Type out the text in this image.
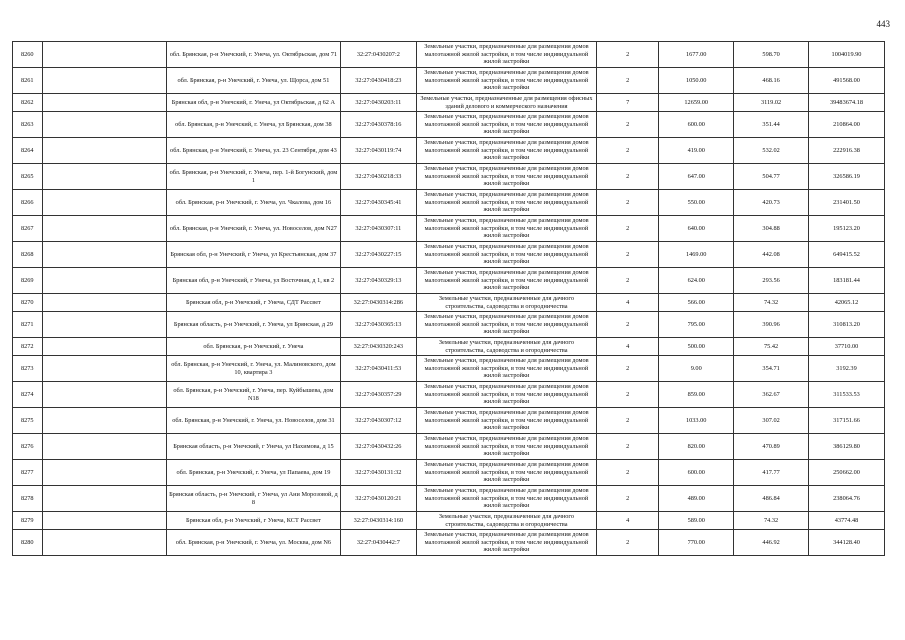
443
8260		обл. Брянская, р-н Унечский, г. Унеча, ул. Октябрьская, дом 71	32:27:0430207:2	Земельные участки, предназначенные для размещения домов малоэтажной жилой застройки, в том числе индивидуальной жилой застройки	2	1677.00	598.70	1004019.90
8261		обл. Брянская, р-н Унечский, г. Унеча, ул. Щорса, дом 51	32:27:0430418:23	Земельные участки, предназначенные для размещения домов малоэтажной жилой застройки, в том числе индивидуальной жилой застройки	2	1050.00	468.16	491568.00
8262		Брянская обл, р-н Унечский, г. Унеча, ул Октябрьская, д 62 А	32:27:0430203:11	Земельные участки, предназначенные для размещения офисных зданий делового и коммерческого назначения	7	12659.00	3119.02	39483674.18
8263		обл. Брянская, р-н Унечский, г. Унеча, ул Брянская, дом 38	32:27:0430378:16	Земельные участки, предназначенные для размещения домов малоэтажной жилой застройки, в том числе индивидуальной жилой застройки	2	600.00	351.44	210864.00
8264		обл. Брянская, р-н Унечский, г. Унеча, ул. 23 Сентября, дом 43	32:27:0430119:74	Земельные участки, предназначенные для размещения домов малоэтажной жилой застройки, в том числе индивидуальной жилой застройки	2	419.00	532.02	222916.38
8265		обл. Брянская, р-н Унечский, г. Унеча, пер. 1-й Богунский, дом 1	32:27:0430218:33	Земельные участки, предназначенные для размещения домов малоэтажной жилой застройки, в том числе индивидуальной жилой застройки	2	647.00	504.77	326586.19
8266		обл. Брянская, р-н Унечский, г. Унеча, ул. Чкалова, дом 16	32:27:0430345:41	Земельные участки, предназначенные для размещения домов малоэтажной жилой застройки, в том числе индивидуальной жилой застройки	2	550.00	420.73	231401.50
8267		обл. Брянская, р-н Унечский, г. Унеча, ул. Новоселов, дом N27	32:27:0430307:11	Земельные участки, предназначенные для размещения домов малоэтажной жилой застройки, в том числе индивидуальной жилой застройки	2	640.00	304.88	195123.20
8268		Брянская обл, р-н Унечский, г Унеча, ул Крестьянская, дом 37	32:27:0430227:15	Земельные участки, предназначенные для размещения домов малоэтажной жилой застройки, в том числе индивидуальной жилой застройки	2	1469.00	442.08	649415.52
8269		Брянская обл, р-н Унечский, г Унеча, ул Восточная, д 1, кв 2	32:27:0430329:13	Земельные участки, предназначенные для размещения домов малоэтажной жилой застройки, в том числе индивидуальной жилой застройки	2	624.00	293.56	183181.44
8270		Брянская обл, р-н Унечский, г Унеча, СДТ Рассвет	32:27:0430314:286	Земельные участки, предназначенные для дачного строительства, садоводства и огородничества	4	566.00	74.32	42065.12
8271		Брянская область, р-н Унечский, г. Унеча, ул Брянская, д 29	32:27:0430365:13	Земельные участки, предназначенные для размещения домов малоэтажной жилой застройки, в том числе индивидуальной жилой застройки	2	795.00	390.96	310813.20
8272		обл. Брянская, р-н Унечский, г. Унеча	32:27:0430320:243	Земельные участки, предназначенные для дачного строительства, садоводства и огородничества	4	500.00	75.42	37710.00
8273		обл. Брянская, р-н Унечский, г. Унеча, ул. Малиновского, дом 10, квартира 3	32:27:0430411:53	Земельные участки, предназначенные для размещения домов малоэтажной жилой застройки, в том числе индивидуальной жилой застройки	2	9.00	354.71	3192.39
8274		обл. Брянская, р-н Унечский, г. Унеча, пер. Куйбышева, дом N18	32:27:0430357:29	Земельные участки, предназначенные для размещения домов малоэтажной жилой застройки, в том числе индивидуальной жилой застройки	2	859.00	362.67	311533.53
8275		обл. Брянская, р-н Унечский, г. Унеча, ул. Новоселов, дом 31	32:27:0430307:12	Земельные участки, предназначенные для размещения домов малоэтажной жилой застройки, в том числе индивидуальной жилой застройки	2	1033.00	307.02	317151.66
8276		Брянская область, р-н Унечский, г Унеча, ул Нахимова, д 15	32:27:0430432:26	Земельные участки, предназначенные для размещения домов малоэтажной жилой застройки, в том числе индивидуальной жилой застройки	2	820.00	470.89	386129.80
8277		обл. Брянская, р-н Унечский, г. Унеча, ул Папаева, дом 19	32:27:0430131:32	Земельные участки, предназначенные для размещения домов малоэтажной жилой застройки, в том числе индивидуальной жилой застройки	2	600.00	417.77	250662.00
8278		Брянская область, р-н Унечский, г Унеча, ул Ани Морозовой, д 8	32:27:0430120:21	Земельные участки, предназначенные для размещения домов малоэтажной жилой застройки, в том числе индивидуальной жилой застройки	2	489.00	486.84	238064.76
8279		Брянская обл, р-н Унечский, г Унеча, КСТ Рассвет	32:27:0430314:160	Земельные участки, предназначенные для дачного строительства, садоводства и огородничества	4	589.00	74.32	43774.48
8280		обл. Брянская, р-н Унечский, г. Унеча, ул. Москва, дом N6	32:27:0430442:7	Земельные участки, предназначенные для размещения домов малоэтажной жилой застройки, в том числе индивидуальной жилой застройки	2	770.00	446.92	344128.40
